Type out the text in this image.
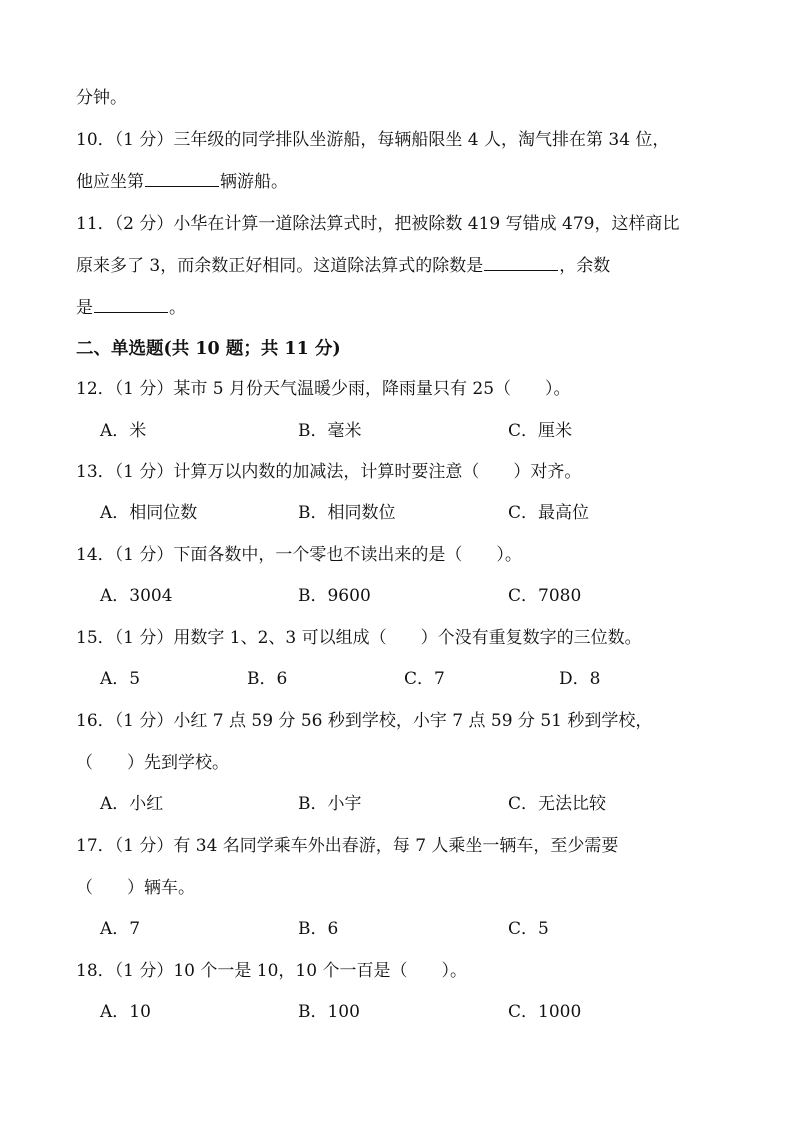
分钟。
10．（1 分）三年级的同学排队坐游船，每辆船限坐 4 人，淘气排在第 34 位，
他应坐第	辆游船。
11．（2 分）小华在计算一道除法算式时，把被除数 419 写错成 479，这样商比
原来多了 3，而余数正好相同。这道除法算式的除数是	，余数
是	。
二、单选题(共 10 题；共 11 分)
12．（1 分）某市 5 月份天气温暖少雨，降雨量只有 25（　　）。
A．米	B．毫米	C．厘米
13．（1 分）计算万以内数的加减法，计算时要注意（　　）对齐。
A．相同位数	B．相同数位	C．最高位
14．（1 分）下面各数中，一个零也不读出来的是（　　）。
A．3004	B．9600	C．7080
15．（1 分）用数字 1、2、3 可以组成（　　）个没有重复数字的三位数。
A．5	B．6	C．7	D．8
16．（1 分）小红 7 点 59 分 56 秒到学校，小宇 7 点 59 分 51 秒到学校，
（　　）先到学校。
A．小红	B．小宇	C．无法比较
17．（1 分）有 34 名同学乘车外出春游，每 7 人乘坐一辆车，至少需要
（　　）辆车。
A．7	B．6	C．5
18．（1 分）10 个一是 10，10 个一百是（　　）。
A．10	B．100	C．1000
